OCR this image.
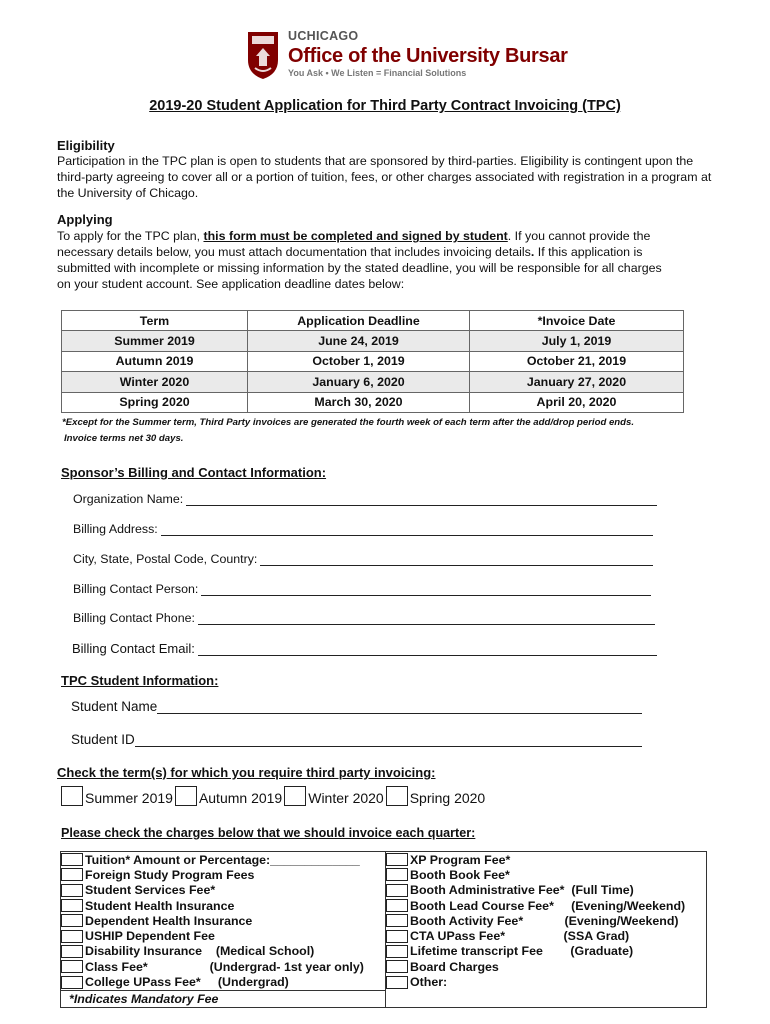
UCHICAGO
Office of the University Bursar
You Ask • We Listen = Financial Solutions
2019-20 Student Application for Third Party Contract Invoicing (TPC)
Eligibility
Participation in the TPC plan is open to students that are sponsored by third-parties. Eligibility is contingent upon the third-party agreeing to cover all or a portion of tuition, fees, or other charges associated with registration in a program at the University of Chicago.
Applying
To apply for the TPC plan, this form must be completed and signed by student. If you cannot provide the necessary details below, you must attach documentation that includes invoicing details. If this application is submitted with incomplete or missing information by the stated deadline, you will be responsible for all charges on your student account. See application deadline dates below:
Term	Application Deadline	*Invoice Date
Summer 2019	June 24, 2019	July 1, 2019
Autumn 2019	October 1, 2019	October 21, 2019
Winter 2020	January 6, 2020	January 27, 2020
Spring 2020	March 30, 2020	April 20, 2020
*Except for the Summer term, Third Party invoices are generated the fourth week of each term after the add/drop period ends.
Invoice terms net 30 days.
Sponsor’s Billing and Contact Information:
Organization Name:
Billing Address:
City, State, Postal Code, Country:
Billing Contact Person:
Billing Contact Phone:
Billing Contact Email:
TPC Student Information:
Student Name
Student ID
Check the term(s) for which you require third party invoicing:
Summer 2019 Autumn 2019 Winter 2020 Spring 2020
Please check the charges below that we should invoice each quarter:
Tuition* Amount or Percentage:_____________
Foreign Study Program Fees
Student Services Fee*
Student Health Insurance
Dependent Health Insurance
USHIP Dependent Fee
Disability Insurance    (Medical School)
Class Fee*                  (Undergrad- 1st year only)
College UPass Fee*     (Undergrad)
*Indicates Mandatory Fee

XP Program Fee*
Booth Book Fee*
Booth Administrative Fee*  (Full Time)
Booth Lead Course Fee*     (Evening/Weekend)
Booth Activity Fee*            (Evening/Weekend)
CTA UPass Fee*                 (SSA Grad)
Lifetime transcript Fee        (Graduate)
Board Charges
Other:
